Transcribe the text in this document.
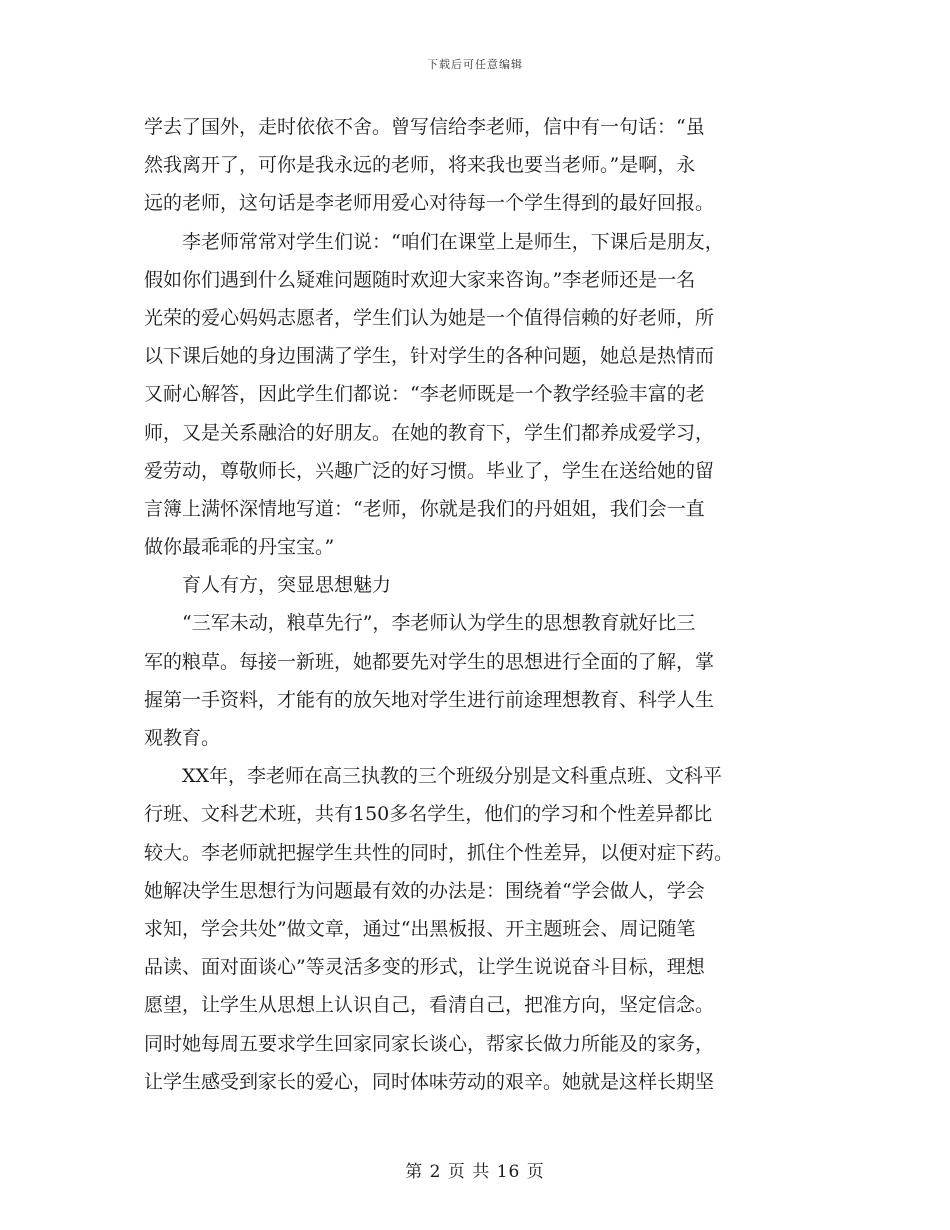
下载后可任意编辑
学去了国外，走时依依不舍。曾写信给李老师，信中有一句话：“虽
然我离开了，可你是我永远的老师，将来我也要当老师。”是啊，永
远的老师，这句话是李老师用爱心对待每一个学生得到的最好回报。
　　李老师常常对学生们说：“咱们在课堂上是师生，下课后是朋友，
假如你们遇到什么疑难问题随时欢迎大家来咨询。”李老师还是一名
光荣的爱心妈妈志愿者，学生们认为她是一个值得信赖的好老师，所
以下课后她的身边围满了学生，针对学生的各种问题，她总是热情而
又耐心解答，因此学生们都说：“李老师既是一个教学经验丰富的老
师，又是关系融洽的好朋友。在她的教育下，学生们都养成爱学习，
爱劳动，尊敬师长，兴趣广泛的好习惯。毕业了，学生在送给她的留
言簿上满怀深情地写道：“老师，你就是我们的丹姐姐，我们会一直
做你最乖乖的丹宝宝。”
　　育人有方，突显思想魅力
　　“三军未动，粮草先行”，李老师认为学生的思想教育就好比三
军的粮草。每接一新班，她都要先对学生的思想进行全面的了解，掌
握第一手资料，才能有的放矢地对学生进行前途理想教育、科学人生
观教育。
　　XX年，李老师在高三执教的三个班级分别是文科重点班、文科平
行班、文科艺术班，共有150多名学生，他们的学习和个性差异都比
较大。李老师就把握学生共性的同时，抓住个性差异，以便对症下药。
她解决学生思想行为问题最有效的办法是：围绕着“学会做人，学会
求知，学会共处”做文章，通过“出黑板报、开主题班会、周记随笔
品读、面对面谈心”等灵活多变的形式，让学生说说奋斗目标，理想
愿望，让学生从思想上认识自己，看清自己，把准方向，坚定信念。
同时她每周五要求学生回家同家长谈心，帮家长做力所能及的家务，
让学生感受到家长的爱心，同时体味劳动的艰辛。她就是这样长期坚
第 2 页 共 16 页
